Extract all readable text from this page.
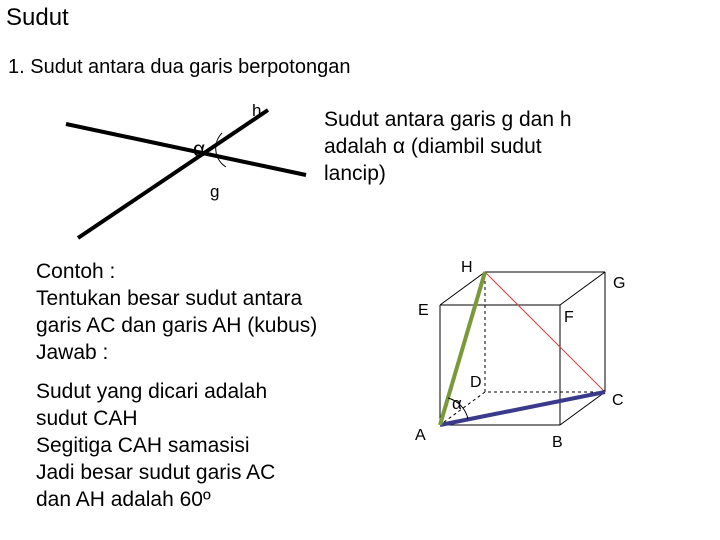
Sudut

1. Sudut antara dua garis berpotongan

h
α
g
H
G
E	F
D
C
A	B
α
Sudut antara garis g dan h
adalah α (diambil sudut
lancip)
Contoh :
Tentukan besar sudut antara
garis AC dan garis AH (kubus)
Jawab :
Sudut yang dicari adalah
sudut CAH
Segitiga CAH samasisi
Jadi besar sudut garis AC
dan AH adalah 60º
